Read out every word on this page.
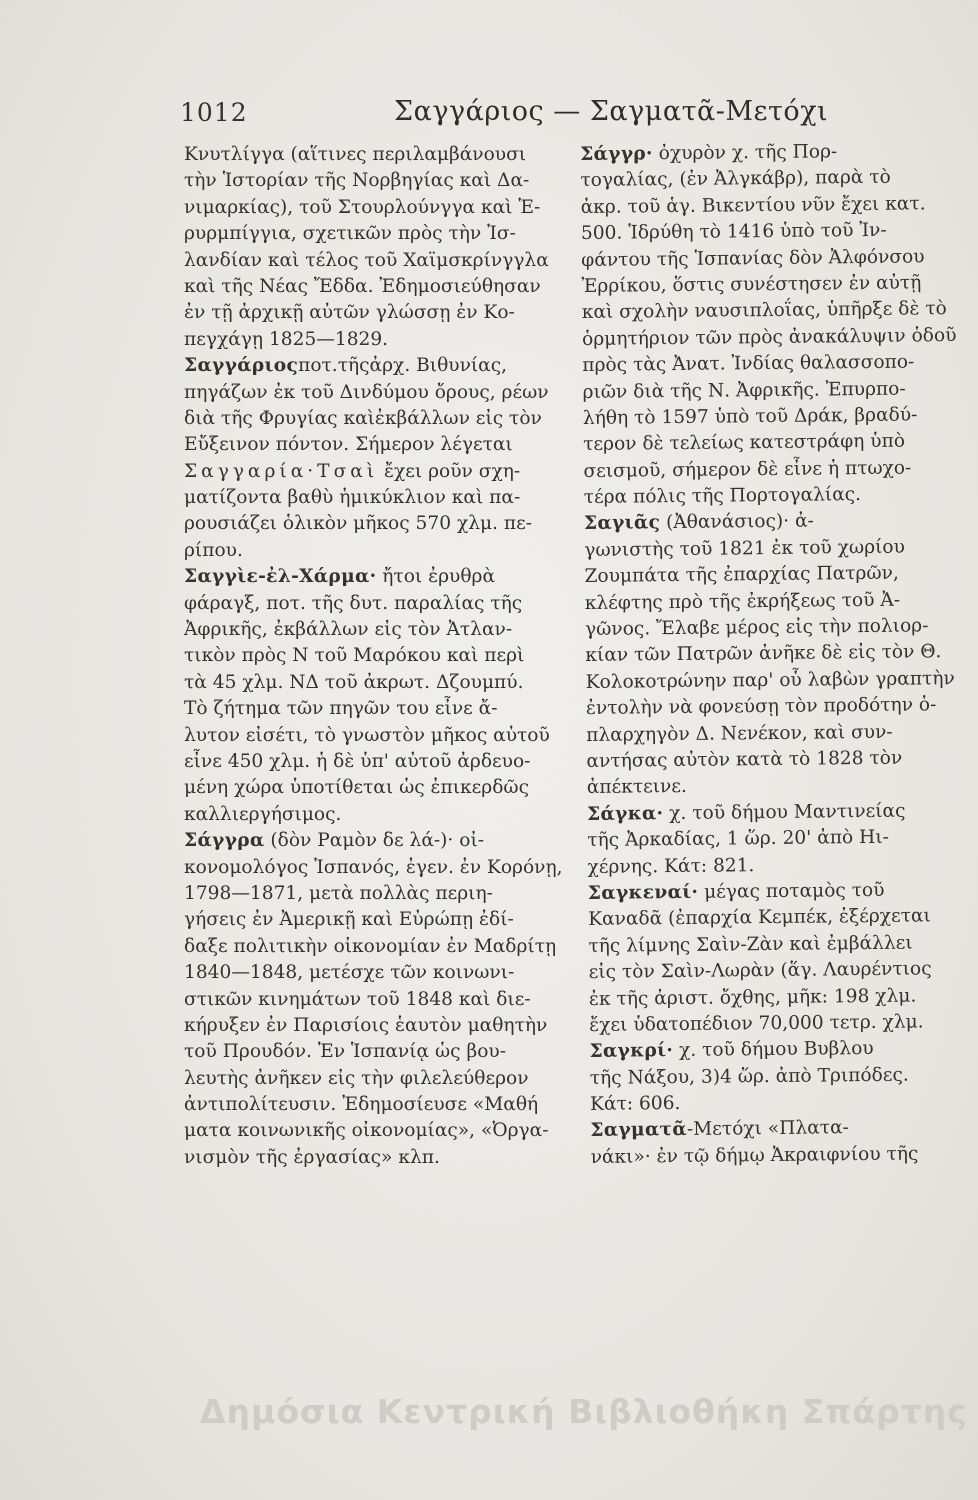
1012	Σαγγάριος — Σαγματᾶ-Μετόχι
Κνυτλίγγα (αἵτινες περιλαμβάνουσι
τὴν Ἱστορίαν τῆς Νορβηγίας καὶ Δα-
νιμαρκίας), τοῦ Στουρλούνγγα καὶ Ἑ-
ρυρμπίγγια, σχετικῶν πρὸς τὴν Ἰσ-
λανδίαν καὶ τέλος τοῦ Χαϊμσκρίνγγλα
καὶ τῆς Νέας Ἔδδα. Ἐδημοσιεύθησαν
ἐν τῇ ἀρχικῇ αὐτῶν γλώσσῃ ἐν Κο-
πεγχάγῃ 1825—1829.
Σαγγάριοςποτ.τῆςἀρχ. Βιθυνίας,
πηγάζων ἐκ τοῦ Δινδύμου ὄρους, ρέων
διὰ τῆς Φρυγίας καὶἐκβάλλων εἰς τὸν
Εὔξεινον πόντον. Σήμερον λέγεται
Σαγγαρία·Τσαὶ ἔχει ροῦν σχη-
ματίζοντα βαθὺ ἡμικύκλιον καὶ πα-
ρουσιάζει ὁλικὸν μῆκος 570 χλμ. πε-
ρίπου.
Σαγγὶε-ἐλ-Χάρμα· ἤτοι ἐρυθρὰ
φάραγξ, ποτ. τῆς δυτ. παραλίας τῆς
Ἀφρικῆς, ἐκβάλλων εἰς τὸν Ἀτλαν-
τικὸν πρὸς Ν τοῦ Μαρόκου καὶ περὶ
τὰ 45 χλμ. ΝΔ τοῦ ἀκρωτ. Δζουμπύ.
Τὸ ζήτημα τῶν πηγῶν του εἶνε ἄ-
λυτον εἰσέτι, τὸ γνωστὸν μῆκος αὐτοῦ
εἶνε 450 χλμ. ἡ δὲ ὑπ' αὐτοῦ ἀρδευο-
μένη χώρα ὑποτίθεται ὡς ἐπικερδῶς
καλλιεργήσιμος.
Σάγγρα (δὸν Ραμὸν δε λά-)· οἰ-
κονομολόγος Ἱσπανός, ἐγεν. ἐν Κορόνῃ,
1798—1871, μετὰ πολλὰς περιη-
γήσεις ἐν Ἀμερικῇ καὶ Εὐρώπῃ ἐδί-
δαξε πολιτικὴν οἰκονομίαν ἐν Μαδρίτῃ
1840—1848, μετέσχε τῶν κοινωνι-
στικῶν κινημάτων τοῦ 1848 καὶ διε-
κήρυξεν ἐν Παρισίοις ἑαυτὸν μαθητὴν
τοῦ Προυδόν. Ἐν Ἱσπανίᾳ ὡς βου-
λευτὴς ἀνῆκεν εἰς τὴν φιλελεύθερον
ἀντιπολίτευσιν. Ἐδημοσίευσε «Μαθή
ματα κοινωνικῆς οἰκονομίας», «Ὀργα-
νισμὸν τῆς ἐργασίας» κλπ.
Σάγγρ· ὀχυρὸν χ. τῆς Πορ-
τογαλίας, (ἐν Ἀλγκάβρ), παρὰ τὸ
ἀκρ. τοῦ ἁγ. Βικεντίου νῦν ἔχει κατ.
500. Ἱδρύθη τὸ 1416 ὑπὸ τοῦ Ἰν-
φάντου τῆς Ἱσπανίας δὸν Ἀλφόνσου
Ἐρρίκου, ὅστις συνέστησεν ἐν αὐτῇ
καὶ σχολὴν ναυσιπλοΐας, ὑπῆρξε δὲ τὸ
ὁρμητήριον τῶν πρὸς ἀνακάλυψιν ὁδοῦ
πρὸς τὰς Ἀνατ. Ἰνδίας θαλασσοπο-
ριῶν διὰ τῆς Ν. Ἀφρικῆς. Ἐπυρπο-
λήθη τὸ 1597 ὑπὸ τοῦ Δράκ, βραδύ-
τερον δὲ τελείως κατεστράφη ὑπὸ
σεισμοῦ, σήμερον δὲ εἶνε ἡ πτωχο-
τέρα πόλις τῆς Πορτογαλίας.
Σαγιᾶς (Ἀθανάσιος)· ἀ-
γωνιστὴς τοῦ 1821 ἐκ τοῦ χωρίου
Ζουμπάτα τῆς ἐπαρχίας Πατρῶν,
κλέφτης πρὸ τῆς ἐκρήξεως τοῦ Ἀ-
γῶνος. Ἔλαβε μέρος εἰς τὴν πολιορ-
κίαν τῶν Πατρῶν ἀνῆκε δὲ εἰς τὸν Θ.
Κολοκοτρώνην παρ' οὗ λαβὼν γραπτὴν
ἐντολὴν νὰ φονεύσῃ τὸν προδότην ὁ-
πλαρχηγὸν Δ. Νενέκον, καὶ συν-
αντήσας αὐτὸν κατὰ τὸ 1828 τὸν
ἀπέκτεινε.
Σάγκα· χ. τοῦ δήμου Μαντινείας
τῆς Ἀρκαδίας, 1 ὥρ. 20' ἀπὸ Ηι-
χέρνης. Κάτ: 821.
Σαγκεναί· μέγας ποταμὸς τοῦ
Καναδᾶ (ἐπαρχία Κεμπέκ, ἐξέρχεται
τῆς λίμνης Σαὶν-Ζὰν καὶ ἐμβάλλει
εἰς τὸν Σαὶν-Λωρὰν (ἅγ. Λαυρέντιος
ἐκ τῆς ἀριστ. ὄχθης, μῆκ: 198 χλμ.
ἔχει ὑδατοπέδιον 70,000 τετρ. χλμ.
Σαγκρί· χ. τοῦ δήμου Βυβλου
τῆς Νάξου, 3)4 ὥρ. ἀπὸ Τριπόδες.
Κάτ: 606.
Σαγματᾶ-Μετόχι «Πλατα-
νάκι»· ἐν τῷ δήμῳ Ἀκραιφνίου τῆς
Δημόσια Κεντρική Βιβλιοθήκη Σπάρτης
